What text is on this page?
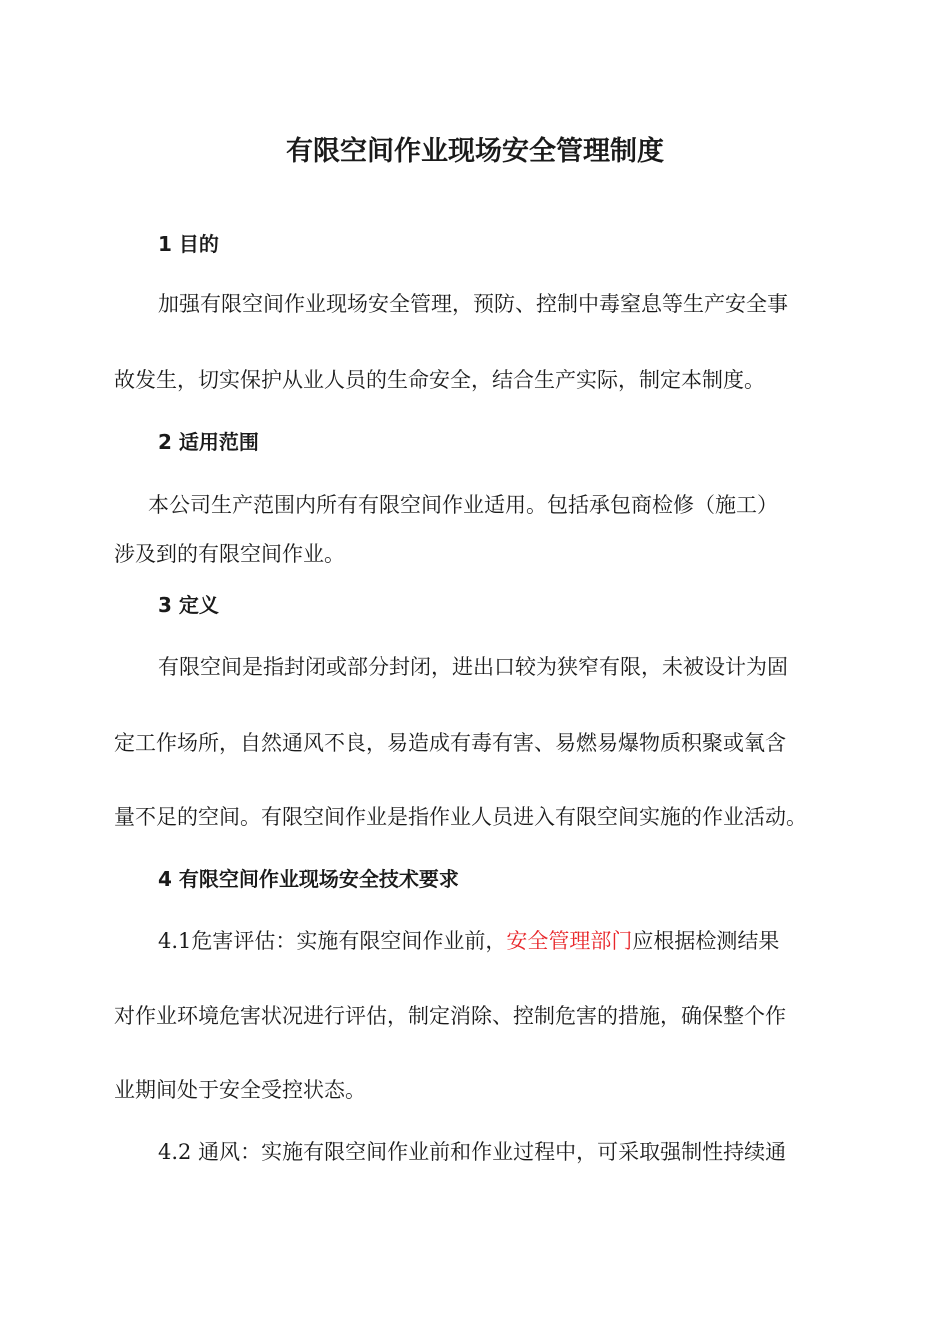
有限空间作业现场安全管理制度

1 目的

加强有限空间作业现场安全管理，预防、控制中毒窒息等生产安全事

故发生，切实保护从业人员的生命安全，结合生产实际，制定本制度。

2 适用范围

本公司生产范围内所有有限空间作业适用。包括承包商检修（施工）

涉及到的有限空间作业。

3 定义

有限空间是指封闭或部分封闭，进出口较为狭窄有限，未被设计为固

定工作场所，自然通风不良，易造成有毒有害、易燃易爆物质积聚或氧含

量不足的空间。有限空间作业是指作业人员进入有限空间实施的作业活动。

4 有限空间作业现场安全技术要求

4.1危害评估：实施有限空间作业前，安全管理部门应根据检测结果

对作业环境危害状况进行评估，制定消除、控制危害的措施，确保整个作

业期间处于安全受控状态。

4.2 通风：实施有限空间作业前和作业过程中，可采取强制性持续通
